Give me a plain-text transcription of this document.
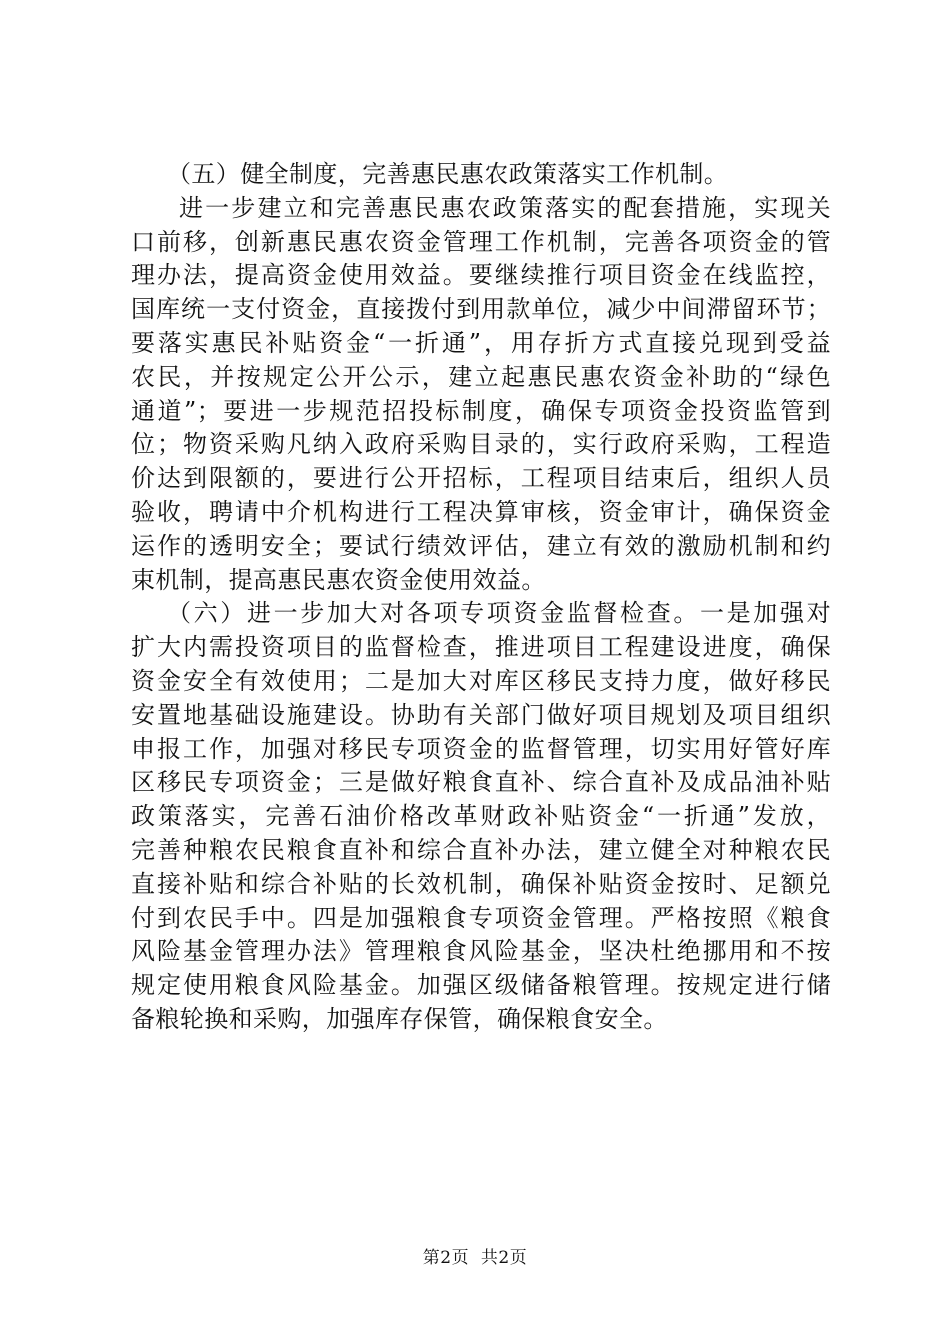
（五）健全制度，完善惠民惠农政策落实工作机制。
进一步建立和完善惠民惠农政策落实的配套措施，实现关
口前移，创新惠民惠农资金管理工作机制，完善各项资金的管
理办法，提高资金使用效益。要继续推行项目资金在线监控，
国库统一支付资金，直接拨付到用款单位，减少中间滞留环节；
要落实惠民补贴资金“一折通”，用存折方式直接兑现到受益
农民，并按规定公开公示，建立起惠民惠农资金补助的“绿色
通道”；要进一步规范招投标制度，确保专项资金投资监管到
位；物资采购凡纳入政府采购目录的，实行政府采购，工程造
价达到限额的，要进行公开招标，工程项目结束后，组织人员
验收，聘请中介机构进行工程决算审核，资金审计，确保资金
运作的透明安全；要试行绩效评估，建立有效的激励机制和约
束机制，提高惠民惠农资金使用效益。
（六）进一步加大对各项专项资金监督检查。一是加强对
扩大内需投资项目的监督检查，推进项目工程建设进度，确保
资金安全有效使用；二是加大对库区移民支持力度，做好移民
安置地基础设施建设。协助有关部门做好项目规划及项目组织
申报工作，加强对移民专项资金的监督管理，切实用好管好库
区移民专项资金；三是做好粮食直补、综合直补及成品油补贴
政策落实，完善石油价格改革财政补贴资金“一折通”发放，
完善种粮农民粮食直补和综合直补办法，建立健全对种粮农民
直接补贴和综合补贴的长效机制，确保补贴资金按时、足额兑
付到农民手中。四是加强粮食专项资金管理。严格按照《粮食
风险基金管理办法》管理粮食风险基金，坚决杜绝挪用和不按
规定使用粮食风险基金。加强区级储备粮管理。按规定进行储
备粮轮换和采购，加强库存保管，确保粮食安全。
第2页  共2页
